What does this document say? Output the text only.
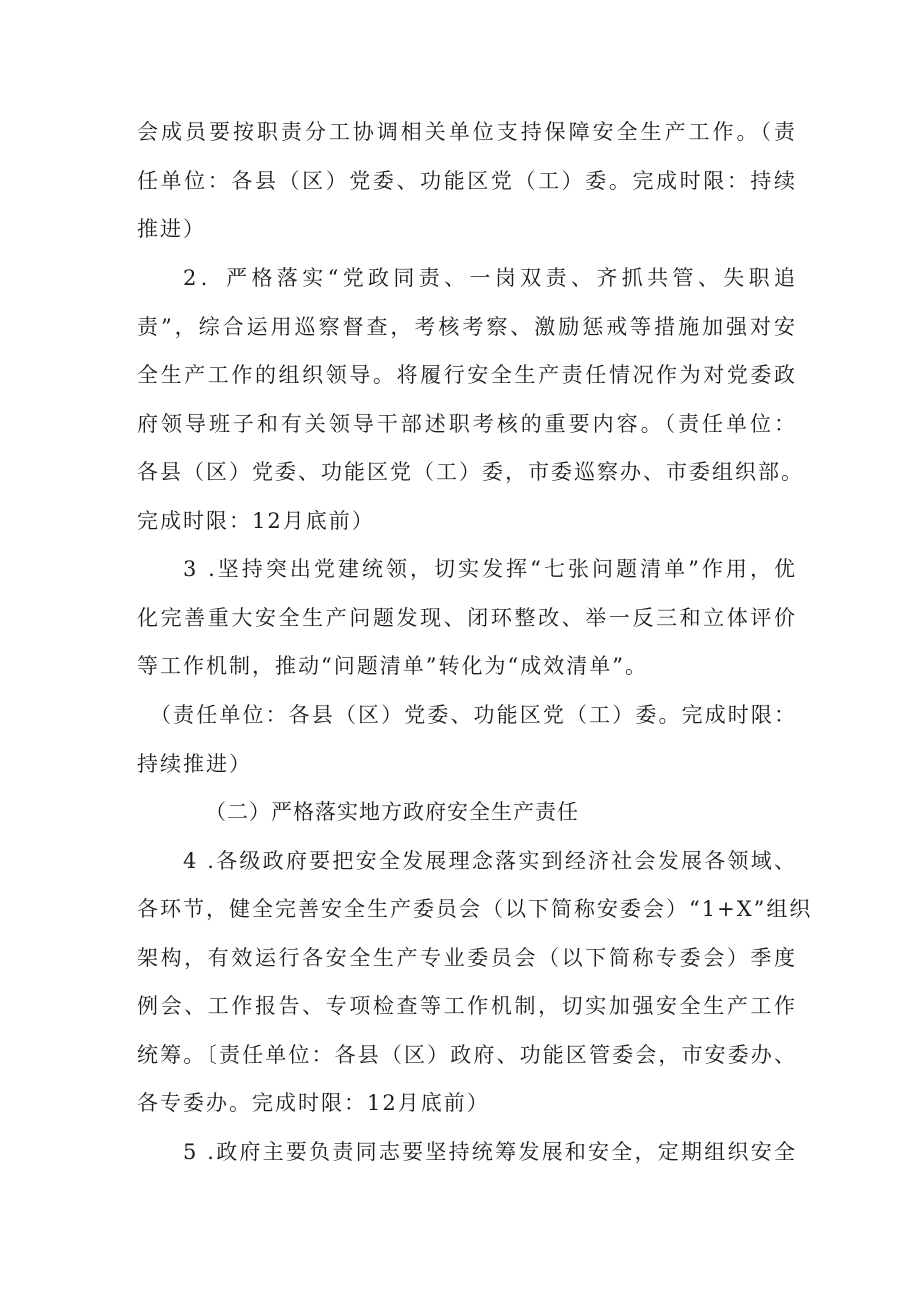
会成员要按职责分工协调相关单位支持保障安全生产工作。（责
任单位：各县（区）党委、功能区党（工）委。完成时限：持续
推进）
2．严格落实“党政同责、一岗双责、齐抓共管、失职追
责”，综合运用巡察督查，考核考察、激励惩戒等措施加强对安
全生产工作的组织领导。将履行安全生产责任情况作为对党委政
府领导班子和有关领导干部述职考核的重要内容。（责任单位：
各县（区）党委、功能区党（工）委，市委巡察办、市委组织部。
完成时限：12月底前）
3 .坚持突出党建统领，切实发挥“七张问题清单”作用，优
化完善重大安全生产问题发现、闭环整改、举一反三和立体评价
等工作机制，推动“问题清单”转化为“成效清单”。
（责任单位：各县（区）党委、功能区党（工）委。完成时限：
持续推进）
（二）严格落实地方政府安全生产责任
4 .各级政府要把安全发展理念落实到经济社会发展各领域、
各环节，健全完善安全生产委员会（以下简称安委会）“1+X”组织
架构，有效运行各安全生产专业委员会（以下简称专委会）季度
例会、工作报告、专项检查等工作机制，切实加强安全生产工作
统筹。〔责任单位：各县（区）政府、功能区管委会，市安委办、
各专委办。完成时限：12月底前）
5 .政府主要负责同志要坚持统筹发展和安全，定期组织安全
